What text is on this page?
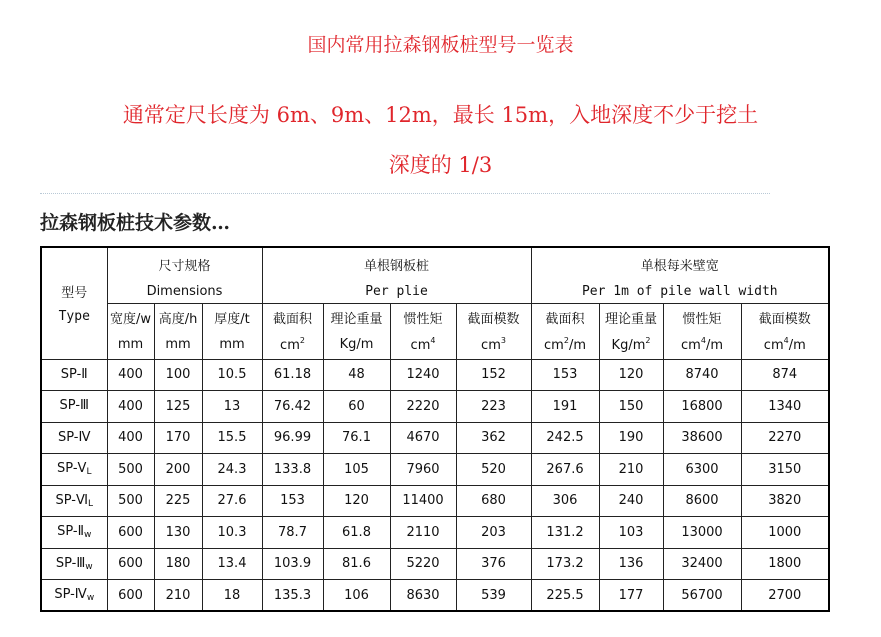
国内常用拉森钢板桩型号一览表
通常定尺长度为 6m、9m、12m，最长 15m，入地深度不少于挖土
深度的 1/3
拉森钢板桩技术参数…
型号	尺寸规格			单根钢板桩				单根每米壁宽			
	Dimensions			Per plie				Per 1m of pile wall width			
Type	宽度/w	高度/h	厚度/t	截面积	理论重量	惯性矩	截面模数	截面积	理论重量	惯性矩	截面模数
	mm	mm	mm	$cm^2$	Kg/m	$cm^4$	$cm^3$	$cm^2/m$	$Kg/m^2$	$cm^4/m$	$cm^4/m$
SP-Ⅱ	400	100	10.5	61.18	48	1240	152	153	120	8740	874
SP-Ⅲ	400	125	13	76.42	60	2220	223	191	150	16800	1340
SP-Ⅳ	400	170	15.5	96.99	76.1	4670	362	242.5	190	38600	2270
$SP-Ⅴ_L$	500	200	24.3	133.8	105	7960	520	267.6	210	6300	3150
$SP-Ⅵ_L$	500	225	27.6	153	120	11400	680	306	240	8600	3820
$SP-Ⅱ_w$	600	130	10.3	78.7	61.8	2110	203	131.2	103	13000	1000
$SP-Ⅲ_w$	600	180	13.4	103.9	81.6	5220	376	173.2	136	32400	1800
$SP-Ⅳ_w$	600	210	18	135.3	106	8630	539	225.5	177	56700	2700
